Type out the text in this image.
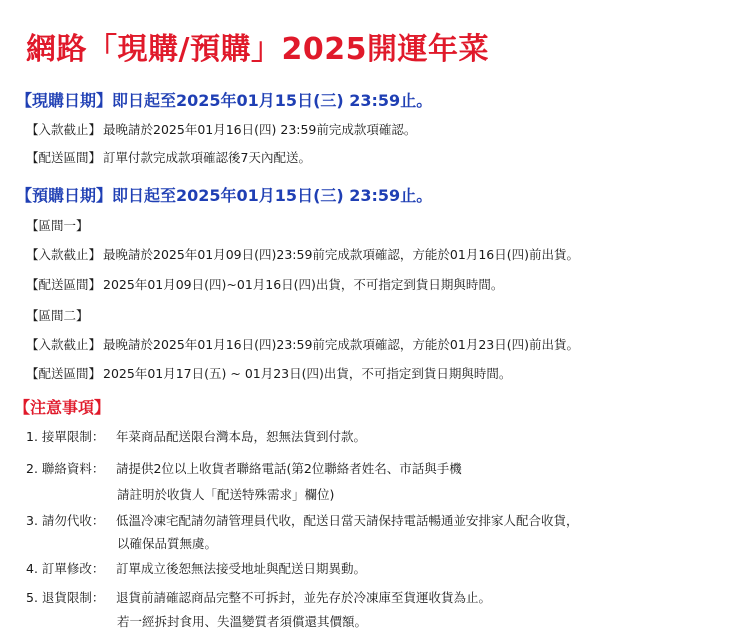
網路「現購/預購」2025開運年菜
【現購日期】即日起至2025年01月15日(三) 23:59止。
【入款截止】 最晚請於2025年01月16日(四) 23:59前完成款項確認。
【配送區間】 訂單付款完成款項確認後7天內配送。
【預購日期】即日起至2025年01月15日(三) 23:59止。
【區間一】
【入款截止】 最晚請於2025年01月09日(四)23:59前完成款項確認，方能於01月16日(四)前出貨。
【配送區間】 2025年01月09日(四)~01月16日(四)出貨，不可指定到貨日期與時間。
【區間二】
【入款截止】 最晚請於2025年01月16日(四)23:59前完成款項確認，方能於01月23日(四)前出貨。
【配送區間】 2025年01月17日(五) ~ 01月23日(四)出貨，不可指定到貨日期與時間。
【注意事項】
1. 接單限制： 年菜商品配送限台灣本島，恕無法貨到付款。
2. 聯絡資料： 請提供2位以上收貨者聯絡電話(第2位聯絡者姓名、市話與手機
請註明於收貨人「配送特殊需求」欄位)
3. 請勿代收： 低溫冷凍宅配請勿請管理員代收，配送日當天請保持電話暢通並安排家人配合收貨，
以確保品質無虞。
4. 訂單修改： 訂單成立後恕無法接受地址與配送日期異動。
5. 退貨限制： 退貨前請確認商品完整不可拆封，並先存於冷凍庫至貨運收貨為止。
若一經拆封食用、失溫變質者須償還其價額。
